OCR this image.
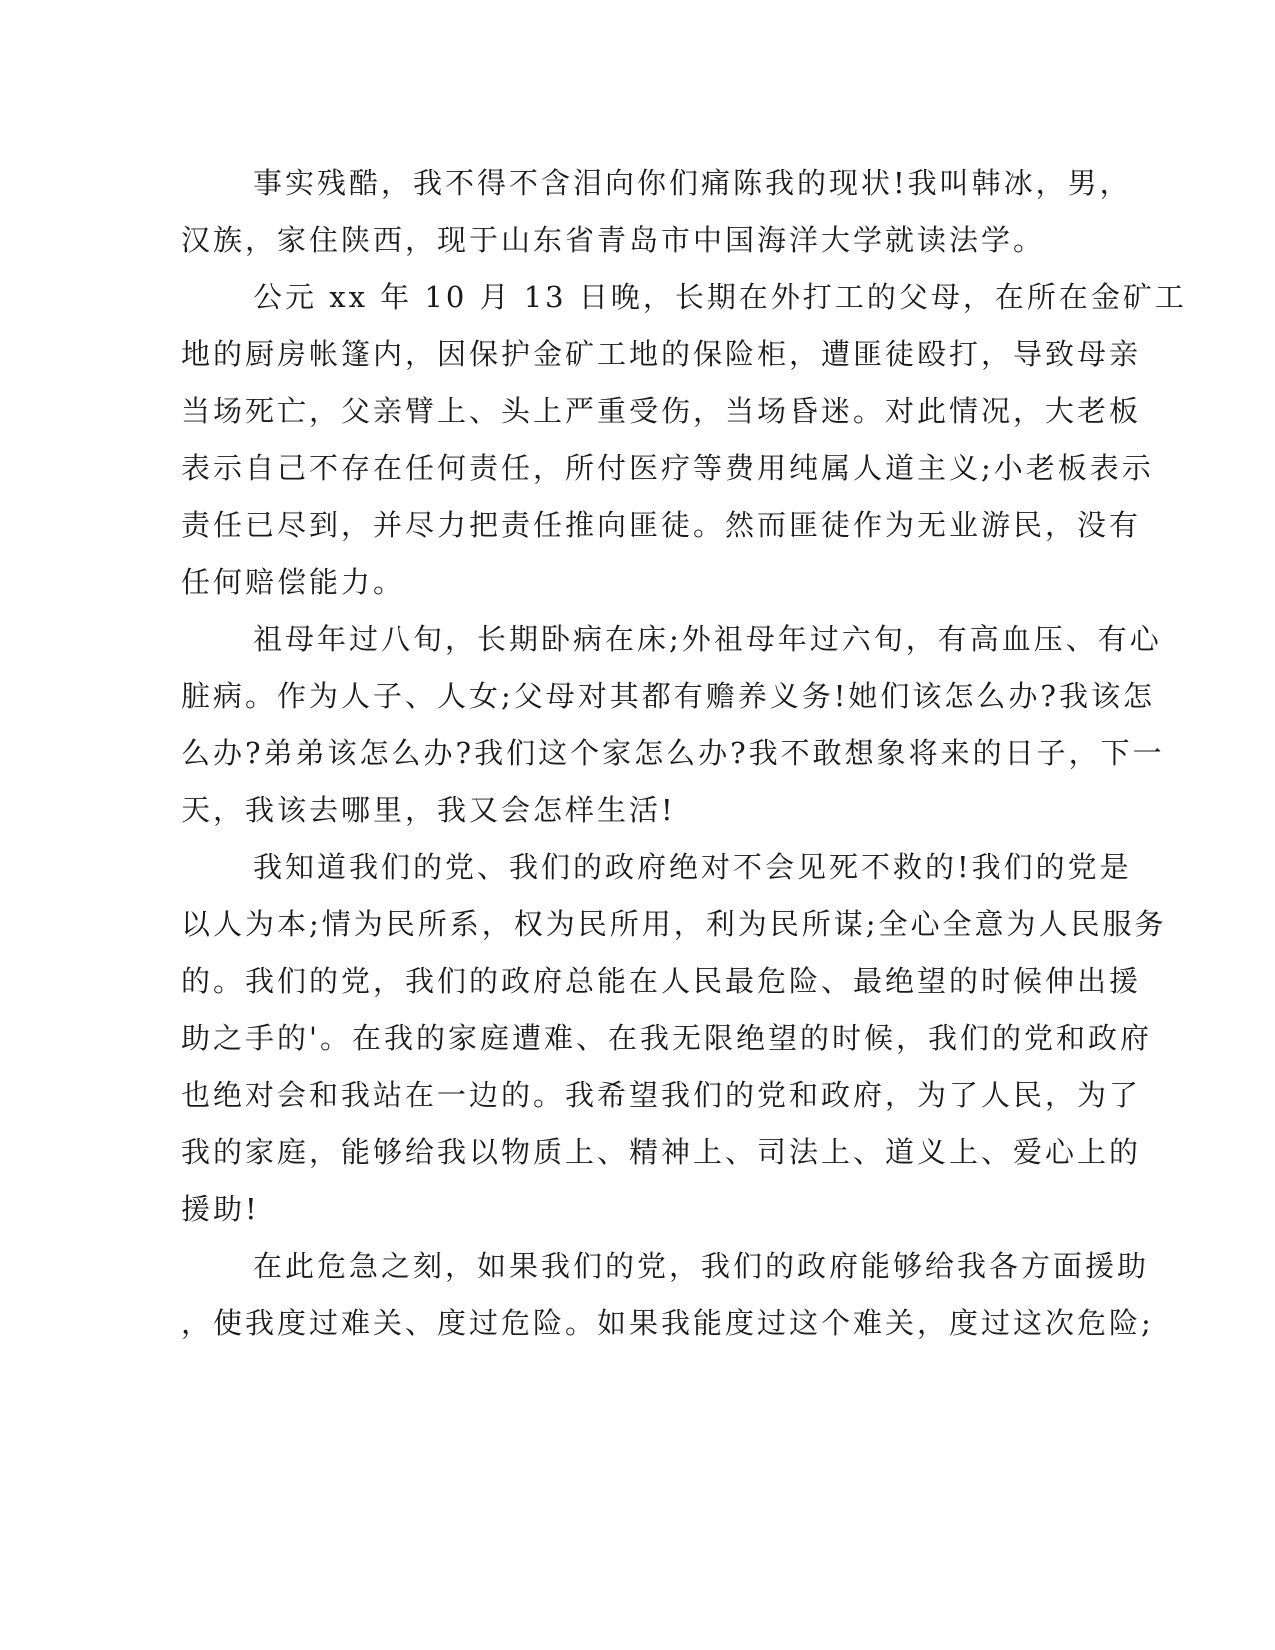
事实残酷，我不得不含泪向你们痛陈我的现状!我叫韩冰，男，
汉族，家住陕西，现于山东省青岛市中国海洋大学就读法学。
公元 xx 年 10 月 13 日晚，长期在外打工的父母，在所在金矿工
地的厨房帐篷内，因保护金矿工地的保险柜，遭匪徒殴打，导致母亲
当场死亡，父亲臂上、头上严重受伤，当场昏迷。对此情况，大老板
表示自己不存在任何责任，所付医疗等费用纯属人道主义;小老板表示
责任已尽到，并尽力把责任推向匪徒。然而匪徒作为无业游民，没有
任何赔偿能力。
祖母年过八旬，长期卧病在床;外祖母年过六旬，有高血压、有心
脏病。作为人子、人女;父母对其都有赡养义务!她们该怎么办?我该怎
么办?弟弟该怎么办?我们这个家怎么办?我不敢想象将来的日子，下一
天，我该去哪里，我又会怎样生活!
我知道我们的党、我们的政府绝对不会见死不救的!我们的党是
以人为本;情为民所系，权为民所用，利为民所谋;全心全意为人民服务
的。我们的党，我们的政府总能在人民最危险、最绝望的时候伸出援
助之手的'。在我的家庭遭难、在我无限绝望的时候，我们的党和政府
也绝对会和我站在一边的。我希望我们的党和政府，为了人民，为了
我的家庭，能够给我以物质上、精神上、司法上、道义上、爱心上的
援助!
在此危急之刻，如果我们的党，我们的政府能够给我各方面援助
，使我度过难关、度过危险。如果我能度过这个难关，度过这次危险;
